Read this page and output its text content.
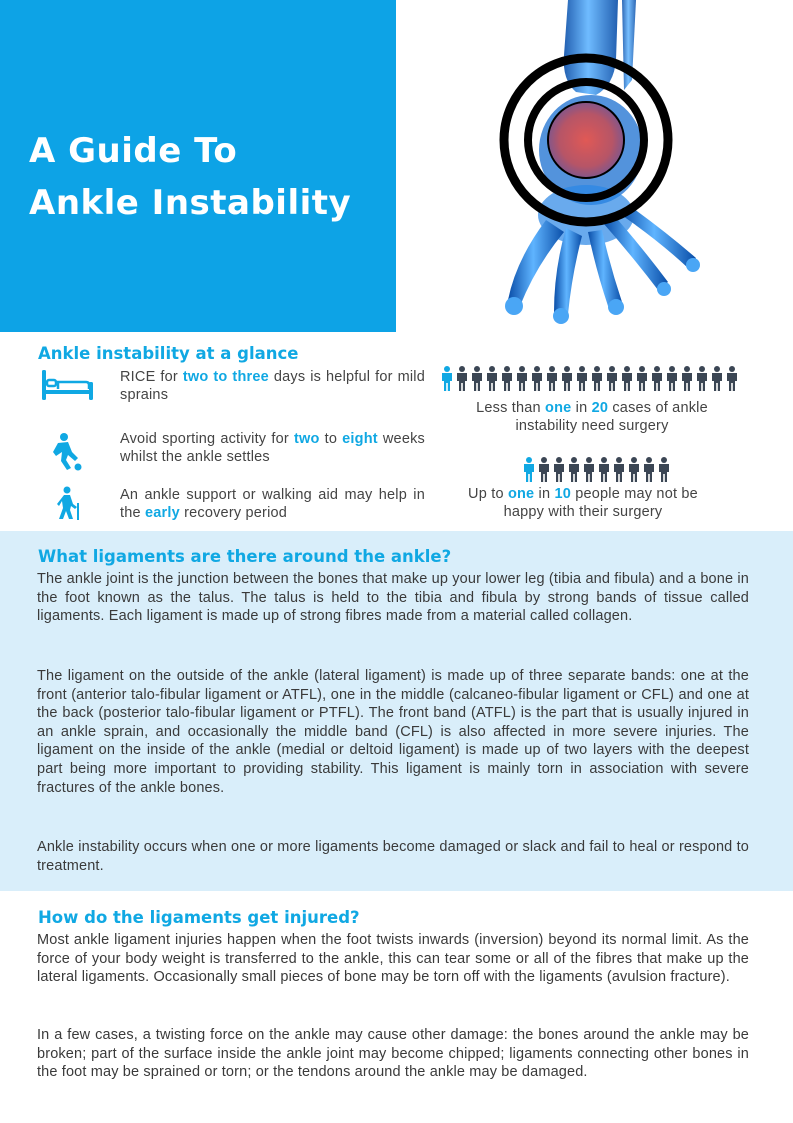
A Guide To
Ankle Instability
Ankle instability at a glance
RICE for two to three days is helpful for mild sprains
Avoid sporting activity for two to eight weeks whilst the ankle settles
An ankle support or walking aid may help in the early recovery period
Less than one in 20 cases of ankle instability need surgery
Up to one in 10 people may not be happy with their surgery
What ligaments are there around the ankle?

The ankle joint is the junction between the bones that make up your lower leg (tibia and fibula) and a bone in the foot known as the talus. The talus is held to the tibia and fibula by strong bands of tissue called ligaments. Each ligament is made up of strong fibres made from a material called collagen.

The ligament on the outside of the ankle (lateral ligament) is made up of three separate bands: one at the front (anterior talo-fibular ligament or ATFL), one in the middle (calcaneo-fibular ligament or CFL) and one at the back (posterior talo-fibular ligament or PTFL). The front band (ATFL) is the part that is usually injured in an ankle sprain, and occasionally the middle band (CFL) is also affected in more severe injuries. The ligament on the inside of the ankle (medial or deltoid ligament) is made up of two layers with the deepest part being more important to providing stability. This ligament is mainly torn in association with severe fractures of the ankle bones.

Ankle instability occurs when one or more ligaments become damaged or slack and fail to heal or respond to treatment.

How do the ligaments get injured?

Most ankle ligament injuries happen when the foot twists inwards (inversion) beyond its normal limit. As the force of your body weight is transferred to the ankle, this can tear some or all of the fibres that make up the lateral ligaments. Occasionally small pieces of bone may be torn off with the ligaments (avulsion fracture).

In a few cases, a twisting force on the ankle may cause other damage: the bones around the ankle may be broken; part of the surface inside the ankle joint may become chipped; ligaments connecting other bones in the foot may be sprained or torn; or the tendons around the ankle may be damaged.
